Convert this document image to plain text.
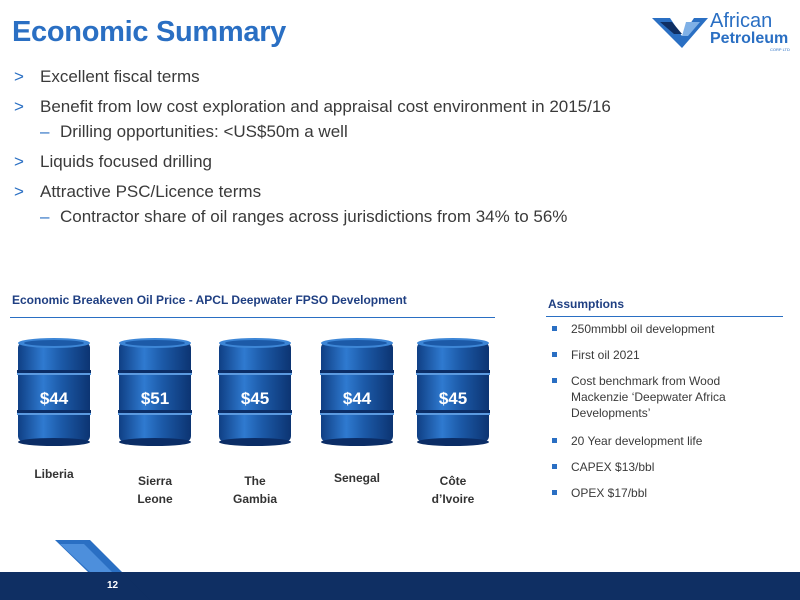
Economic Summary	African
Petroleum
CORP LTD
> Excellent fiscal terms
> Benefit from low cost exploration and appraisal cost environment in 2015/16
– Drilling opportunities: <US$50m a well
> Liquids focused drilling
> Attractive PSC/Licence terms
– Contractor share of oil ranges across jurisdictions from 34% to 56%
Economic Breakeven Oil Price - APCL Deepwater FPSO Development
$44	$51	$45	$44	$45
Liberia	Sierra
Leone
The
Gambia
Senegal	Côte
d’Ivoire
Assumptions
250mmbbl oil development
First oil 2021
Cost benchmark from Wood Mackenzie ‘Deepwater Africa Developments’
20 Year development life
CAPEX $13/bbl
OPEX $17/bbl
12
